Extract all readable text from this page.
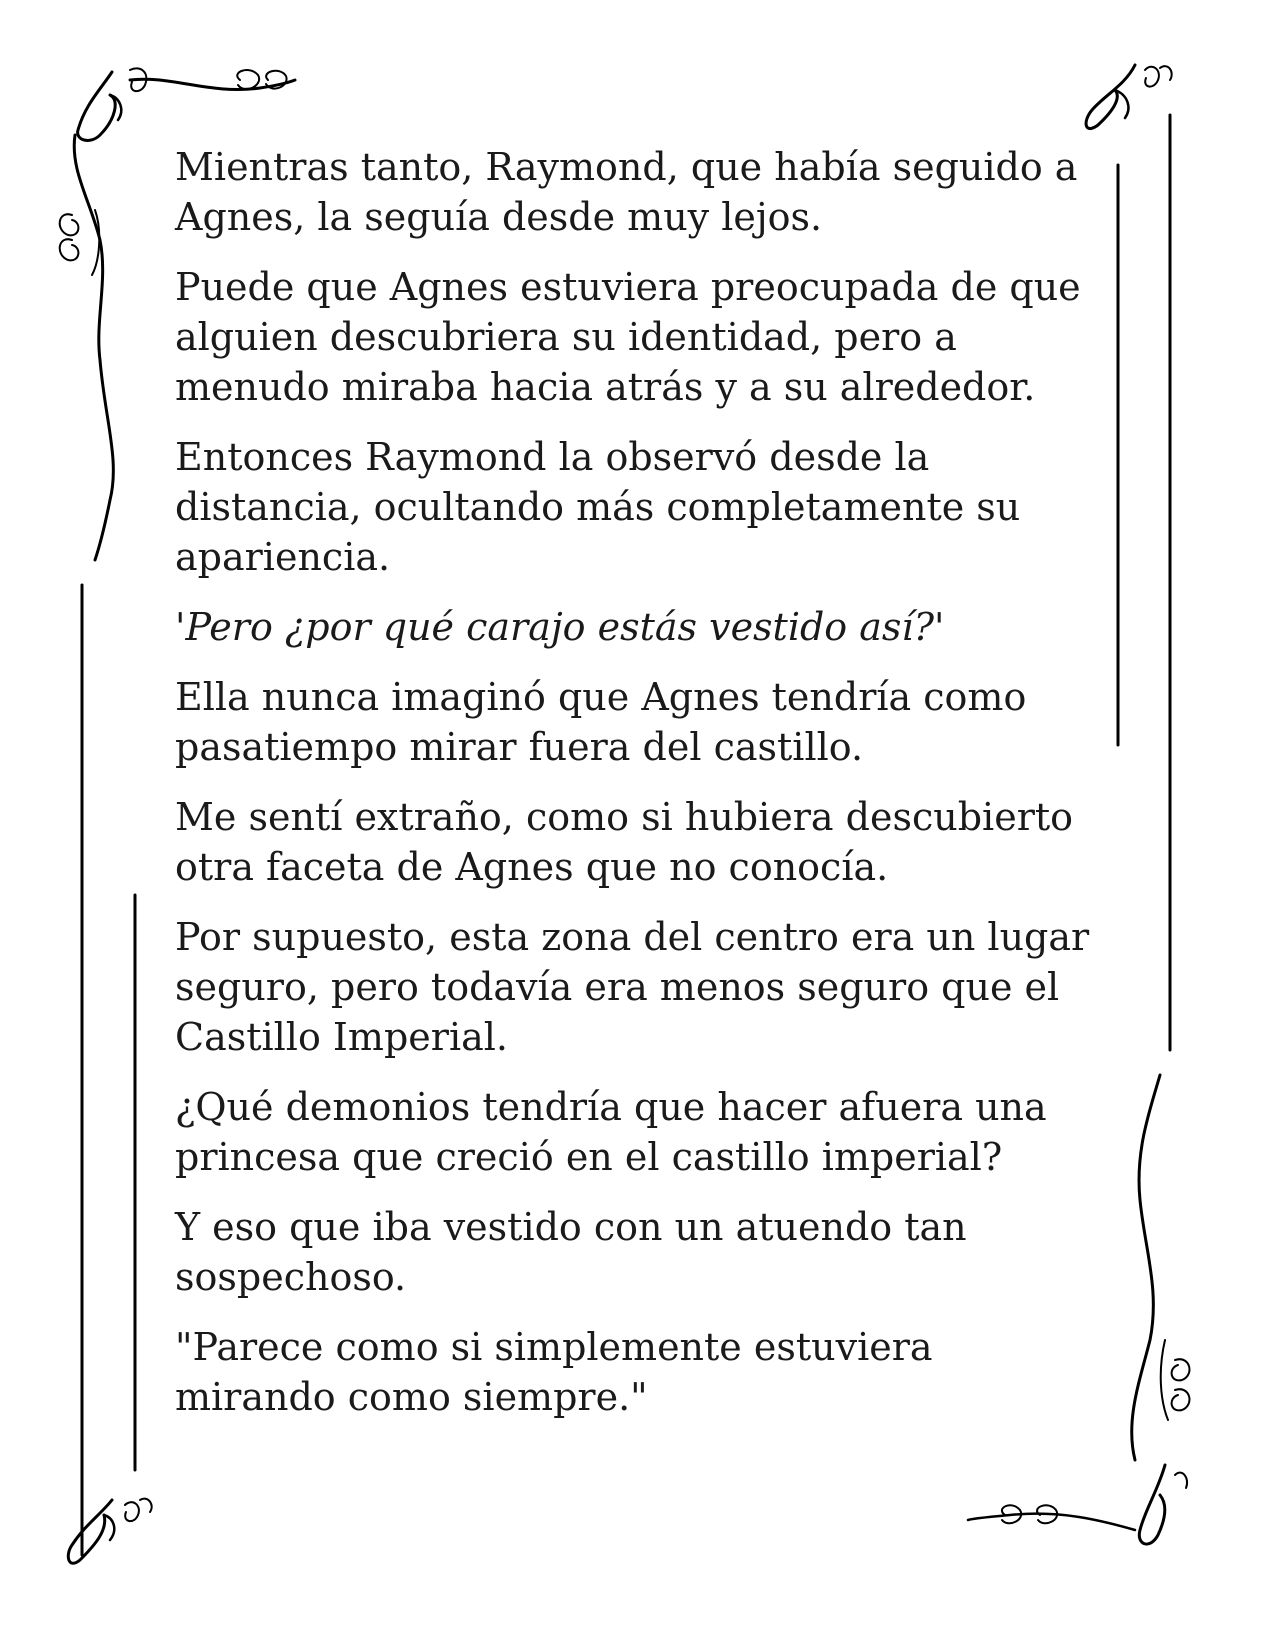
Mientras tanto, Raymond, que había seguido a Agnes, la seguía desde muy lejos.

Puede que Agnes estuviera preocupada de que alguien descubriera su identidad, pero a menudo miraba hacia atrás y a su alrededor.

Entonces Raymond la observó desde la distancia, ocultando más completamente su apariencia.

'Pero ¿por qué carajo estás vestido así?'

Ella nunca imaginó que Agnes tendría como pasatiempo mirar fuera del castillo.

Me sentí extraño, como si hubiera descubierto otra faceta de Agnes que no conocía.

Por supuesto, esta zona del centro era un lugar seguro, pero todavía era menos seguro que el Castillo Imperial.

¿Qué demonios tendría que hacer afuera una princesa que creció en el castillo imperial?

Y eso que iba vestido con un atuendo tan sospechoso.

"Parece como si simplemente estuviera mirando como siempre."
